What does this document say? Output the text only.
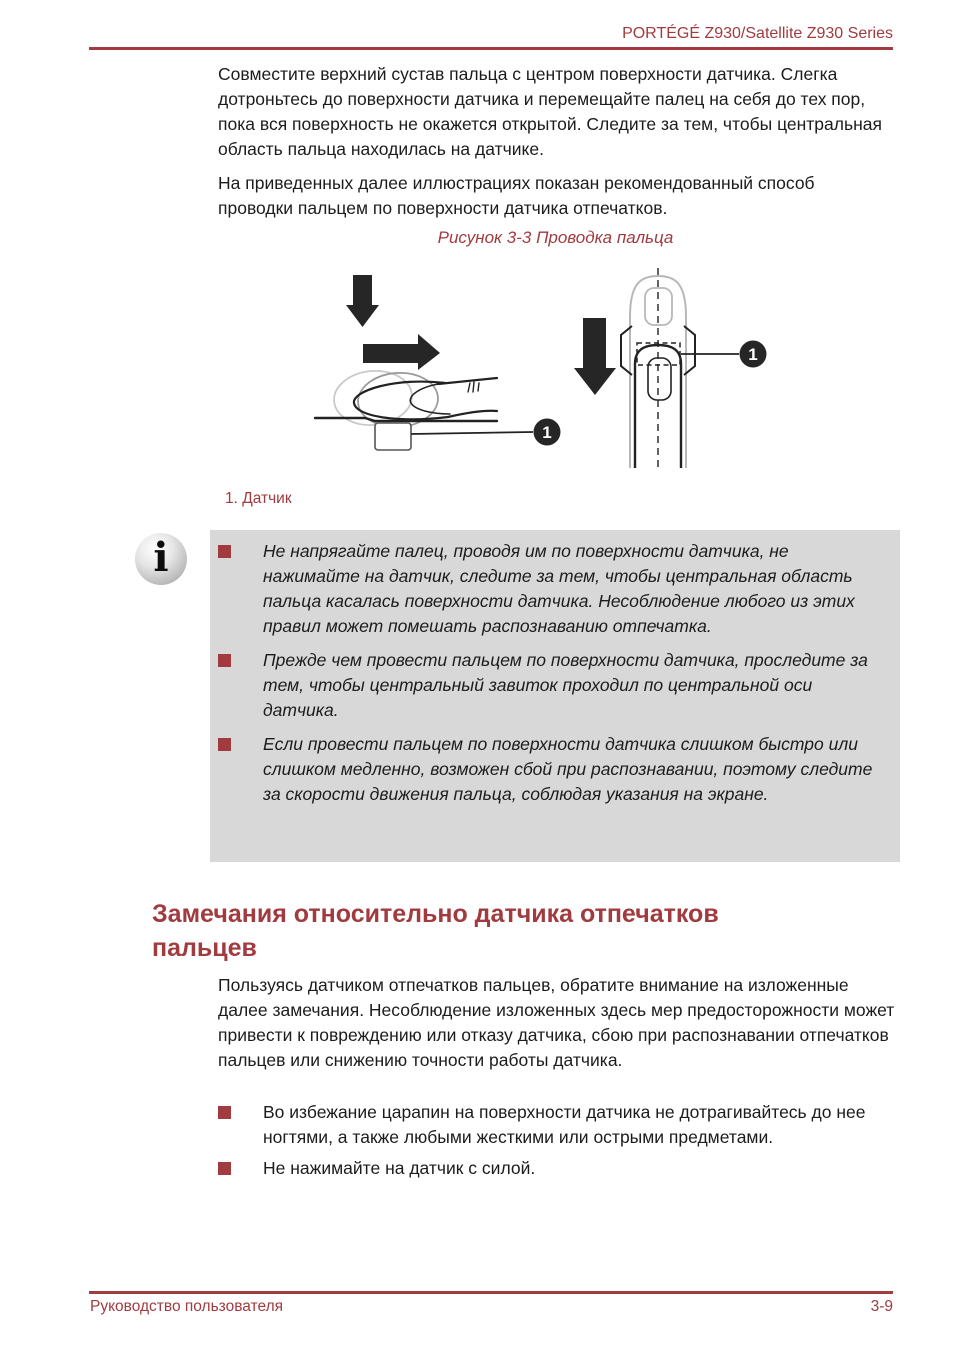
PORTÉGÉ Z930/Satellite Z930 Series
Совместите верхний сустав пальца с центром поверхности датчика. Слегка дотроньтесь до поверхности датчика и перемещайте палец на себя до тех пор, пока вся поверхность не окажется открытой. Следите за тем, чтобы центральная область пальца находилась на датчике.
На приведенных далее иллюстрациях показан рекомендованный способ проводки пальцем по поверхности датчика отпечатков.
Рисунок 3-3 Проводка пальца
1
1
1. Датчик
i	Не напрягайте палец, проводя им по поверхности датчика, не нажимайте на датчик, следите за тем, чтобы центральная область пальца касалась поверхности датчика. Несоблюдение любого из этих правил может помешать распознаванию отпечатка.
Прежде чем провести пальцем по поверхности датчика, проследите за тем, чтобы центральный завиток проходил по центральной оси датчика.
Если провести пальцем по поверхности датчика слишком быстро или слишком медленно, возможен сбой при распознавании, поэтому следите за скорости движения пальца, соблюдая указания на экране.
Замечания относительно датчика отпечатков пальцев
Пользуясь датчиком отпечатков пальцев, обратите внимание на изложенные далее замечания. Несоблюдение изложенных здесь мер предосторожности может привести к повреждению или отказу датчика, сбою при распознавании отпечатков пальцев или снижению точности работы датчика.
Во избежание царапин на поверхности датчика не дотрагивайтесь до нее ногтями, а также любыми жесткими или острыми предметами.
Не нажимайте на датчик с силой.
Руководство пользователя	3-9
